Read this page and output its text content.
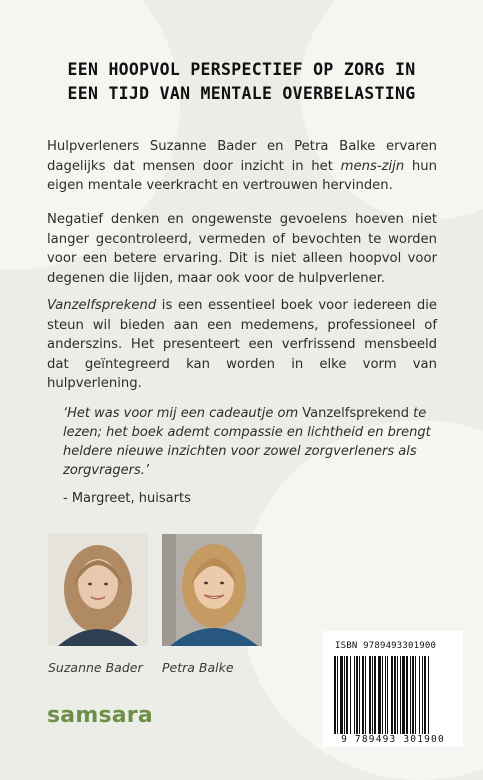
EEN HOOPVOL PERSPECTIEF OP ZORG IN
EEN TIJD VAN MENTALE OVERBELASTING
Hulpverleners Suzanne Bader en Petra Balke ervaren dagelijks dat mensen door inzicht in het mens-zijn hun eigen mentale veerkracht en vertrouwen hervinden.
Negatief denken en ongewenste gevoelens hoeven niet langer gecontroleerd, vermeden of bevochten te worden voor een betere ervaring. Dit is niet alleen hoopvol voor degenen die lijden, maar ook voor de hulpverlener.
Vanzelfsprekend is een essentieel boek voor iedereen die steun wil bieden aan een medemens, professioneel of anderszins. Het presenteert een verfrissend mensbeeld dat geïntegreerd kan worden in elke vorm van hulpverlening.
‘Het was voor mij een cadeautje om Vanzelfsprekend te lezen; het boek ademt compassie en lichtheid en brengt heldere nieuwe inzichten voor zowel zorgverleners als zorgvragers.’
- Margreet, huisarts
Suzanne Bader Petra Balke
samsara
ISBN 9789493301900
9 789493 301900
